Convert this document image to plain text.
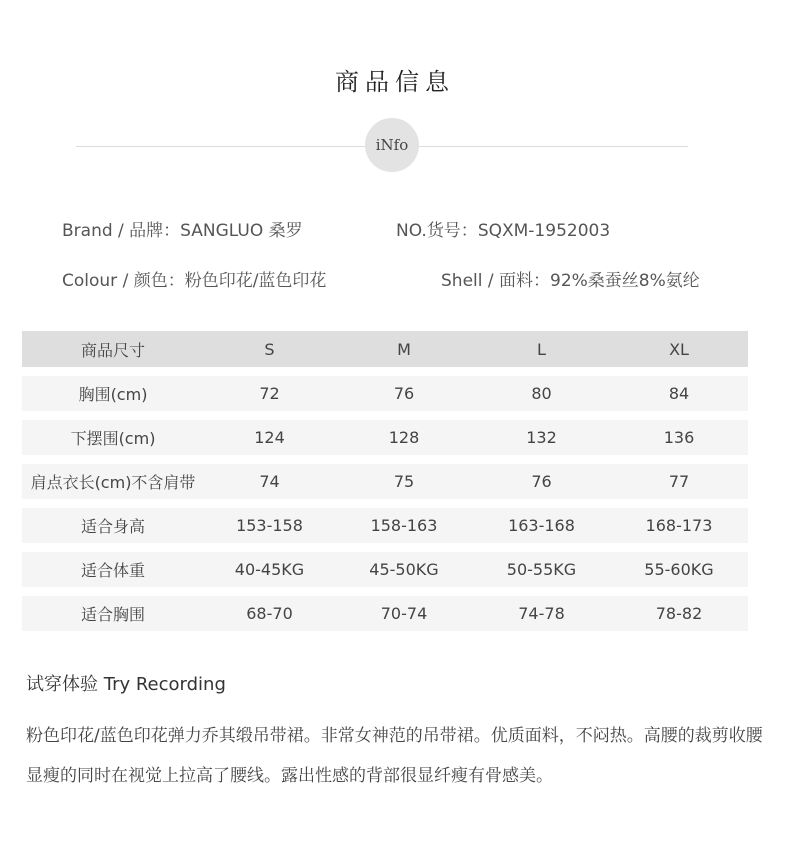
商品信息
iNfo
Brand / 品牌：SANGLUO 桑罗	NO.货号：SQXM-1952003
Colour / 颜色：粉色印花/蓝色印花	Shell / 面料：92%桑蚕丝8%氨纶
商品尺寸	S	M	L	XL
胸围(cm)	72	76	80	84
下摆围(cm)	124	128	132	136
肩点衣长(cm)不含肩带	74	75	76	77
适合身高	153-158	158-163	163-168	168-173
适合体重	40-45KG	45-50KG	50-55KG	55-60KG
适合胸围	68-70	70-74	74-78	78-82
试穿体验 Try Recording
粉色印花/蓝色印花弹力乔其缎吊带裙。非常女神范的吊带裙。优质面料，不闷热。高腰的裁剪收腰显瘦的同时在视觉上拉高了腰线。露出性感的背部很显纤瘦有骨感美。
